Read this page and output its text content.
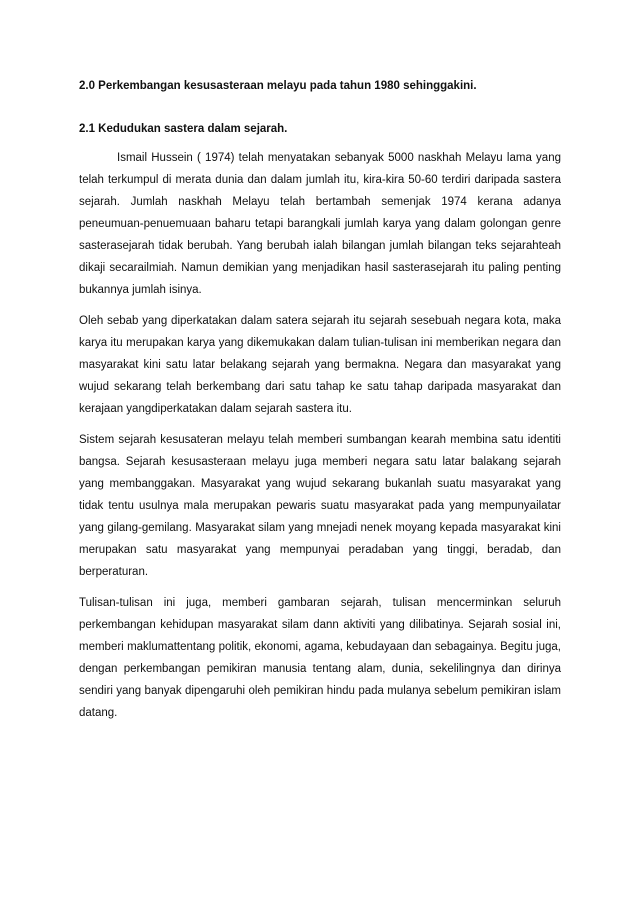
2.0 Perkembangan kesusasteraan melayu pada tahun 1980 sehinggakini.

2.1 Kedudukan sastera dalam sejarah.

Ismail Hussein ( 1974) telah menyatakan sebanyak 5000 naskhah Melayu lama yang telah terkumpul di merata dunia dan dalam jumlah itu, kira-kira 50-60 terdiri daripada sastera sejarah. Jumlah naskhah Melayu telah bertambah semenjak 1974 kerana adanya peneumuan-penuemuaan baharu tetapi barangkali jumlah karya yang dalam golongan genre sasterasejarah tidak berubah. Yang berubah ialah bilangan jumlah bilangan teks sejarahteah dikaji secarailmiah. Namun demikian yang menjadikan hasil sasterasejarah itu paling penting bukannya jumlah isinya.

Oleh sebab yang diperkatakan dalam satera sejarah itu sejarah sesebuah negara kota, maka karya itu merupakan karya yang dikemukakan dalam tulian-tulisan ini memberikan negara dan masyarakat kini satu latar belakang sejarah yang bermakna. Negara dan masyarakat yang wujud sekarang telah berkembang dari satu tahap ke satu tahap daripada masyarakat dan kerajaan yangdiperkatakan dalam sejarah sastera itu.

Sistem sejarah kesusateran melayu telah memberi sumbangan kearah membina satu identiti bangsa. Sejarah kesusasteraan melayu juga memberi negara satu latar balakang sejarah yang membanggakan. Masyarakat yang wujud sekarang bukanlah suatu masyarakat yang tidak tentu usulnya mala merupakan pewaris suatu masyarakat pada yang mempunyailatar yang gilang-gemilang. Masyarakat silam yang mnejadi nenek moyang kepada masyarakat kini merupakan satu masyarakat yang mempunyai peradaban yang tinggi, beradab, dan berperaturan.

Tulisan-tulisan ini juga, memberi gambaran sejarah, tulisan mencerminkan seluruh perkembangan kehidupan masyarakat silam dann aktiviti yang dilibatinya. Sejarah sosial ini, memberi maklumattentang politik, ekonomi, agama, kebudayaan dan sebagainya. Begitu juga, dengan perkembangan pemikiran manusia tentang alam, dunia, sekelilingnya dan dirinya sendiri yang banyak dipengaruhi oleh pemikiran hindu pada mulanya sebelum pemikiran islam datang.
